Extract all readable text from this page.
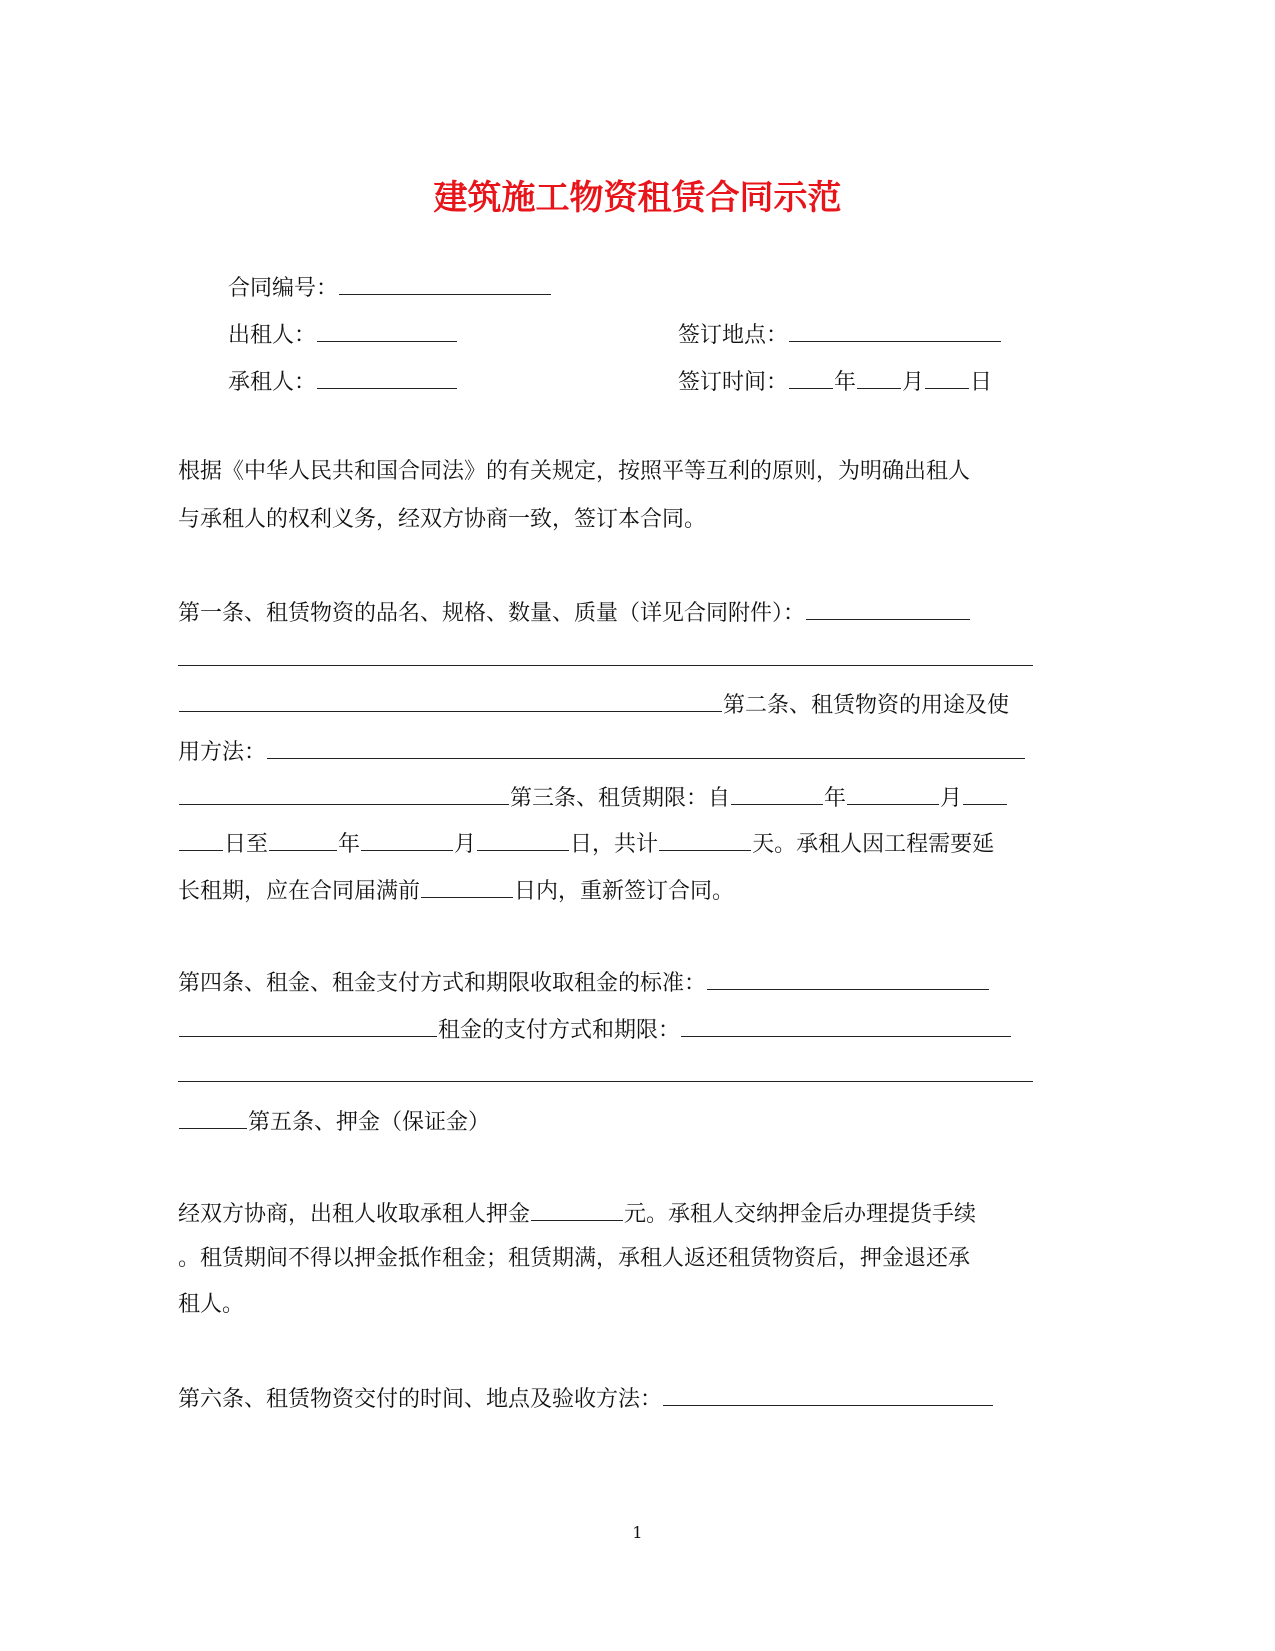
建筑施工物资租赁合同示范
合同编号：
出租人：	签订地点：
承租人：	签订时间： 年 月 日
根据《中华人民共和国合同法》的有关规定，按照平等互利的原则，为明确出租人
与承租人的权利义务，经双方协商一致，签订本合同。
第一条、租赁物资的品名、规格、数量、质量（详见合同附件）：
第二条、租赁物资的用途及使
用方法：
第三条、租赁期限：自	年	月
日至	年	月	日，共计	天。承租人因工程需要延
长租期，应在合同届满前	日内，重新签订合同。
第四条、租金、租金支付方式和期限收取租金的标准：
租金的支付方式和期限：
第五条、押金（保证金）
经双方协商，出租人收取承租人押金	元。承租人交纳押金后办理提货手续
。租赁期间不得以押金抵作租金；租赁期满，承租人返还租赁物资后，押金退还承
租人。
第六条、租赁物资交付的时间、地点及验收方法：
1
